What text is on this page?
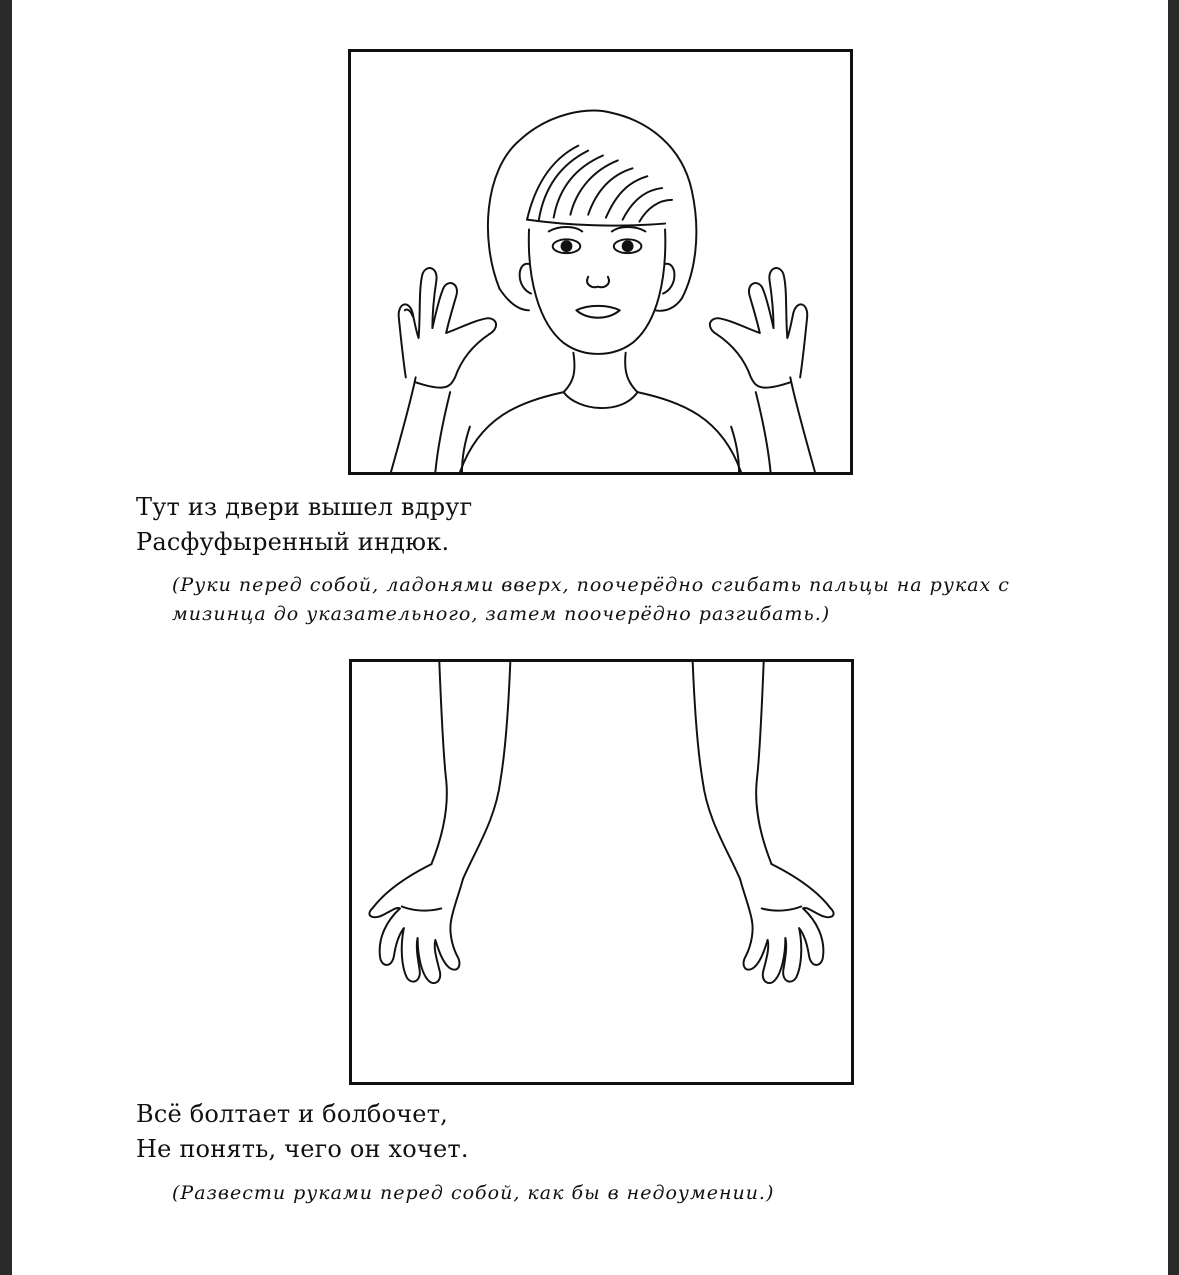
Тут из двери вышел вдруг
Расфуфыренный индюк.
(Руки перед собой, ладонями вверх, поочерёдно сгибать пальцы на руках с мизинца до указательного, затем поочерёдно разгибать.)
Всё болтает и болбочет,
Не понять, чего он хочет.
(Развести руками перед собой, как бы в недоумении.)
